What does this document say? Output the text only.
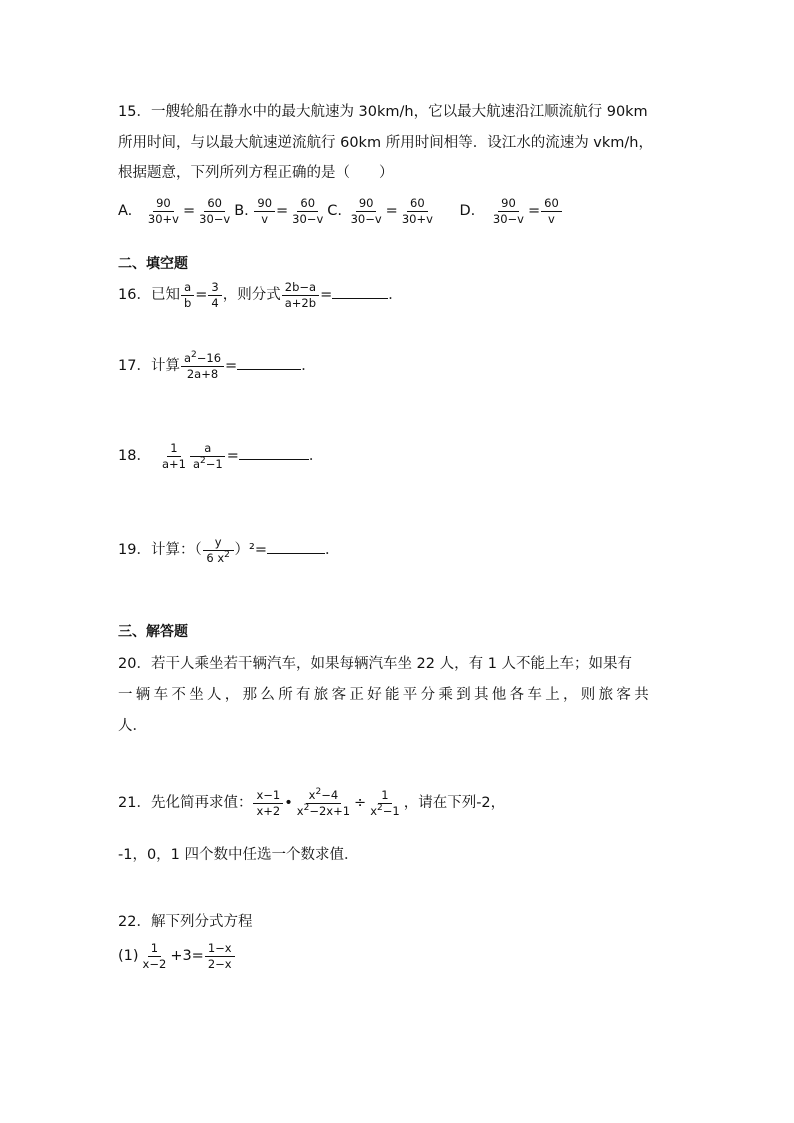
15．一艘轮船在静水中的最大航速为 30km/h，它以最大航速沿江顺流航行 90km
所用时间，与以最大航速逆流航行 60km 所用时间相等．设江水的流速为 vkm/h，
根据题意，下列所列方程正确的是（　　）
A. $\frac{90}{30+v} = \frac{60}{30-v} B$. $\frac{90}{v} = \frac{60}{30-v} C$. $\frac{90}{30-v} = \frac{60}{30+v} D$. $\frac{90}{30-v} = \frac{60}{v}$
二、填空题
16．已知 $\frac{a}{b} = \frac{3}{4}$ ，则分式 $\frac{2b-a}{a+2b}$ =	．
17．计算 $\frac{a^2-16}{2a+8}$ =	．
18． $\frac{1}{a+1} \frac{a}{a^2-1}$ =	．
19．计算：（ $\frac{y}{6 x^2} )^2=$	．
三、解答题
20．若干人乘坐若干辆汽车，如果每辆汽车坐 22 人，有 1 人不能上车；如果有
一辆车不坐人，那么所有旅客正好能平分乘到其他各车上，则旅客共
人．
21．先化简再求值： $\frac{x-1}{x+2}$ • $\frac{x^2-4}{x^2-2x+1} \div \frac{1}{x^2-1}$ ，请在下列-2，
-1，0，1 四个数中任选一个数求值．
22．解下列分式方程
$(1) \frac{1}{x-2} +3= \frac{1-x}{2-x}$
